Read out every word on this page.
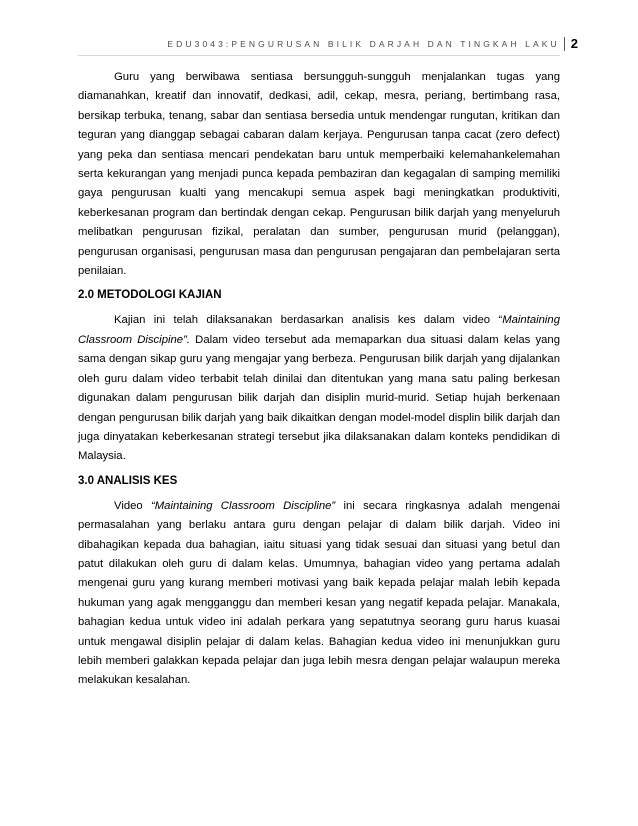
EDU3043:PENGURUSAN BILIK DARJAH DAN TINGKAH LAKU 2

Guru yang berwibawa sentiasa bersungguh-sungguh menjalankan tugas yang diamanahkan, kreatif dan innovatif, dedkasi, adil, cekap, mesra, periang, bertimbang rasa, bersikap terbuka, tenang, sabar dan sentiasa bersedia untuk mendengar rungutan, kritikan dan teguran yang dianggap sebagai cabaran dalam kerjaya. Pengurusan tanpa cacat (zero defect) yang peka dan sentiasa mencari pendekatan baru untuk memperbaiki kelemahankelemahan serta kekurangan yang menjadi punca kepada pembaziran dan kegagalan di samping memiliki gaya pengurusan kualti yang mencakupi semua aspek bagi meningkatkan produktiviti, keberkesanan program dan bertindak dengan cekap. Pengurusan bilik darjah yang menyeluruh melibatkan pengurusan fizikal, peralatan dan sumber, pengurusan murid (pelanggan), pengurusan organisasi, pengurusan masa dan pengurusan pengajaran dan pembelajaran serta penilaian.

2.0 METODOLOGI KAJIAN

Kajian ini telah dilaksanakan berdasarkan analisis kes dalam video “Maintaining Classroom Discipine”. Dalam video tersebut ada memaparkan dua situasi dalam kelas yang sama dengan sikap guru yang mengajar yang berbeza. Pengurusan bilik darjah yang dijalankan oleh guru dalam video terbabit telah dinilai dan ditentukan yang mana satu paling berkesan digunakan dalam pengurusan bilik darjah dan disiplin murid-murid. Setiap hujah berkenaan dengan pengurusan bilik darjah yang baik dikaitkan dengan model-model displin bilik darjah dan juga dinyatakan keberkesanan strategi tersebut jika dilaksanakan dalam konteks pendidikan di Malaysia.

3.0 ANALISIS KES

Video “Maintaining Classroom Discipline” ini secara ringkasnya adalah mengenai permasalahan yang berlaku antara guru dengan pelajar di dalam bilik darjah. Video ini dibahagikan kepada dua bahagian, iaitu situasi yang tidak sesuai dan situasi yang betul dan patut dilakukan oleh guru di dalam kelas. Umumnya, bahagian video yang pertama adalah mengenai guru yang kurang memberi motivasi yang baik kepada pelajar malah lebih kepada hukuman yang agak mengganggu dan memberi kesan yang negatif kepada pelajar. Manakala, bahagian kedua untuk video ini adalah perkara yang sepatutnya seorang guru harus kuasai untuk mengawal disiplin pelajar di dalam kelas. Bahagian kedua video ini menunjukkan guru lebih memberi galakkan kepada pelajar dan juga lebih mesra dengan pelajar walaupun mereka melakukan kesalahan.
